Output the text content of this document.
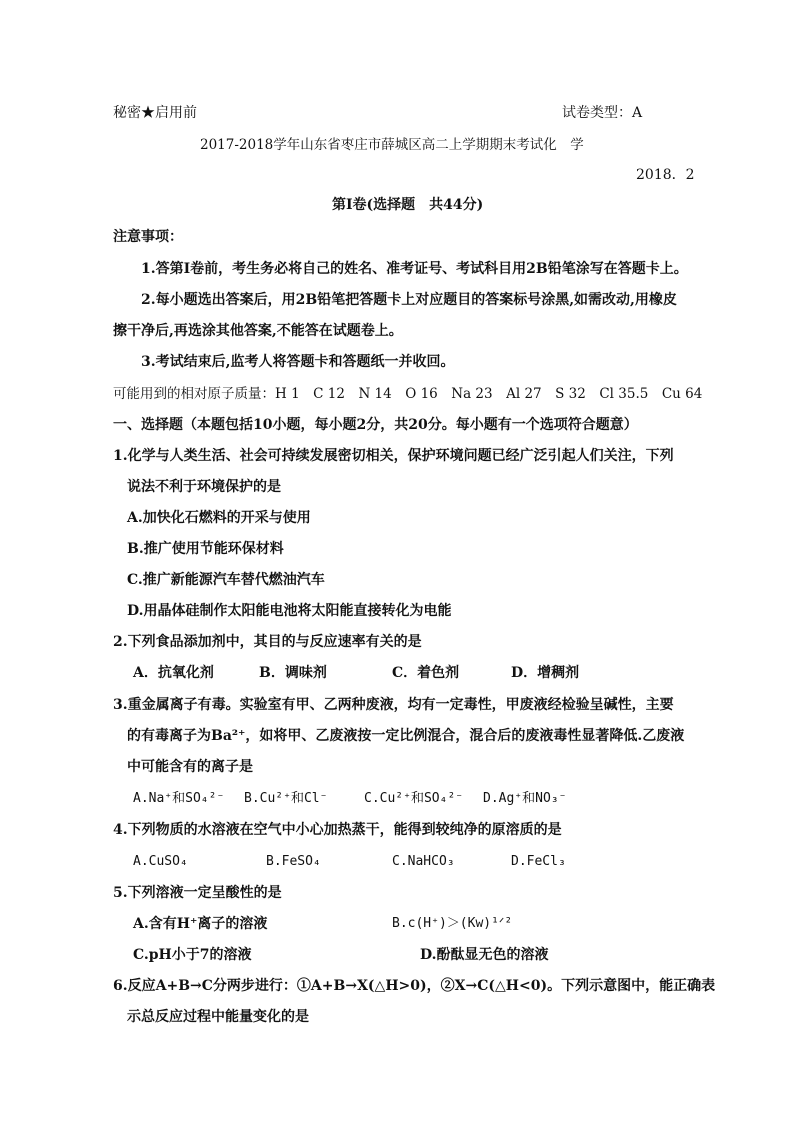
秘密★启用前	试卷类型：A
2017-2018学年山东省枣庄市薛城区高二上学期期末考试化　学
2018．2
第Ⅰ卷(选择题　共44分)
注意事项：
1.答第Ⅰ卷前，考生务必将自己的姓名、准考证号、考试科目用2B铅笔涂写在答题卡上。
2.每小题选出答案后，用2B铅笔把答题卡上对应题目的答案标号涂黑,如需改动,用橡皮
擦干净后,再选涂其他答案,不能答在试题卷上。
3.考试结束后,监考人将答题卡和答题纸一并收回。
可能用到的相对原子质量：H 1　C 12　N 14　O 16　Na 23　Al 27　S 32　Cl 35.5　Cu 64
一、选择题（本题包括10小题，每小题2分，共20分。每小题有一个选项符合题意）
1.化学与人类生活、社会可持续发展密切相关，保护环境问题已经广泛引起人们关注，下列
说法不利于环境保护的是
A.加快化石燃料的开采与使用
B.推广使用节能环保材料
C.推广新能源汽车替代燃油汽车
D.用晶体硅制作太阳能电池将太阳能直接转化为电能
2.下列食品添加剂中，其目的与反应速率有关的是
A．抗氧化剂	B．调味剂	C．着色剂	D．增稠剂
3.重金属离子有毒。实验室有甲、乙两种废液，均有一定毒性，甲废液经检验呈碱性，主要
的有毒离子为Ba²⁺，如将甲、乙废液按一定比例混合，混合后的废液毒性显著降低.乙废液
中可能含有的离子是
A.Na⁺和SO₄²⁻ B.Cu²⁺和Cl⁻	C.Cu²⁺和SO₄²⁻ D.Ag⁺和NO₃⁻
4.下列物质的水溶液在空气中小心加热蒸干，能得到较纯净的原溶质的是
A.CuSO₄	B.FeSO₄	C.NaHCO₃	D.FeCl₃
5.下列溶液一定呈酸性的是
A.含有H⁺离子的溶液	B.c(H⁺)＞(Kw)¹ᐟ²
C.pH小于7的溶液	D.酚酞显无色的溶液
6.反应A+B→C分两步进行：①A+B→X(△H>0)，②X→C(△H<0)。下列示意图中，能正确表
示总反应过程中能量变化的是
